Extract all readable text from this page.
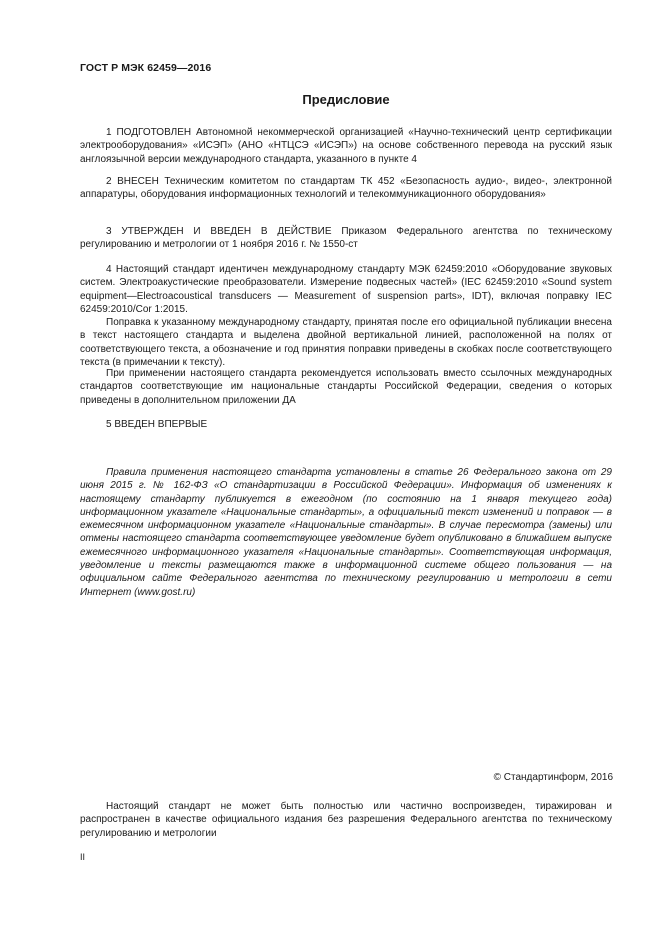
ГОСТ Р МЭК 62459—2016
Предисловие

1 ПОДГОТОВЛЕН Автономной некоммерческой организацией «Научно-технический центр сертификации электрооборудования» «ИСЭП» (АНО «НТЦСЭ «ИСЭП») на основе собственного перевода на русский язык англоязычной версии международного стандарта, указанного в пункте 4

2 ВНЕСЕН Техническим комитетом по стандартам ТК 452 «Безопасность аудио-, видео-, электронной аппаратуры, оборудования информационных технологий и телекоммуникационного оборудования»

3 УТВЕРЖДЕН И ВВЕДЕН В ДЕЙСТВИЕ Приказом Федерального агентства по техническому регулированию и метрологии от 1 ноября 2016 г. № 1550-ст

4 Настоящий стандарт идентичен международному стандарту МЭК 62459:2010 «Оборудование звуковых систем. Электроакустические преобразователи. Измерение подвесных частей» (IEC 62459:2010 «Sound system equipment—Electroacoustical transducers — Measurement of suspension parts», IDT), включая поправку IEC 62459:2010/Cor 1:2015.

Поправка к указанному международному стандарту, принятая после его официальной публикации внесена в текст настоящего стандарта и выделена двойной вертикальной линией, расположенной на полях от соответствующего текста, а обозначение и год принятия поправки приведены в скобках после соответствующего текста (в примечании к тексту).

При применении настоящего стандарта рекомендуется использовать вместо ссылочных международных стандартов соответствующие им национальные стандарты Российской Федерации, сведения о которых приведены в дополнительном приложении ДА

5 ВВЕДЕН ВПЕРВЫЕ

Правила применения настоящего стандарта установлены в статье 26 Федерального закона от 29 июня 2015 г. № 162-ФЗ «О стандартизации в Российской Федерации». Информация об изменениях к настоящему стандарту публикуется в ежегодном (по состоянию на 1 января текущего года) информационном указателе «Национальные стандарты», а официальный текст изменений и поправок — в ежемесячном информационном указателе «Национальные стандарты». В случае пересмотра (замены) или отмены настоящего стандарта соответствующее уведомление будет опубликовано в ближайшем выпуске ежемесячного информационного указателя «Национальные стандарты». Соответствующая информация, уведомление и тексты размещаются также в информационной системе общего пользования — на официальном сайте Федерального агентства по техническому регулированию и метрологии в сети Интернет (www.gost.ru)

© Стандартинформ, 2016

Настоящий стандарт не может быть полностью или частично воспроизведен, тиражирован и распространен в качестве официального издания без разрешения Федерального агентства по техническому регулированию и метрологии

II
